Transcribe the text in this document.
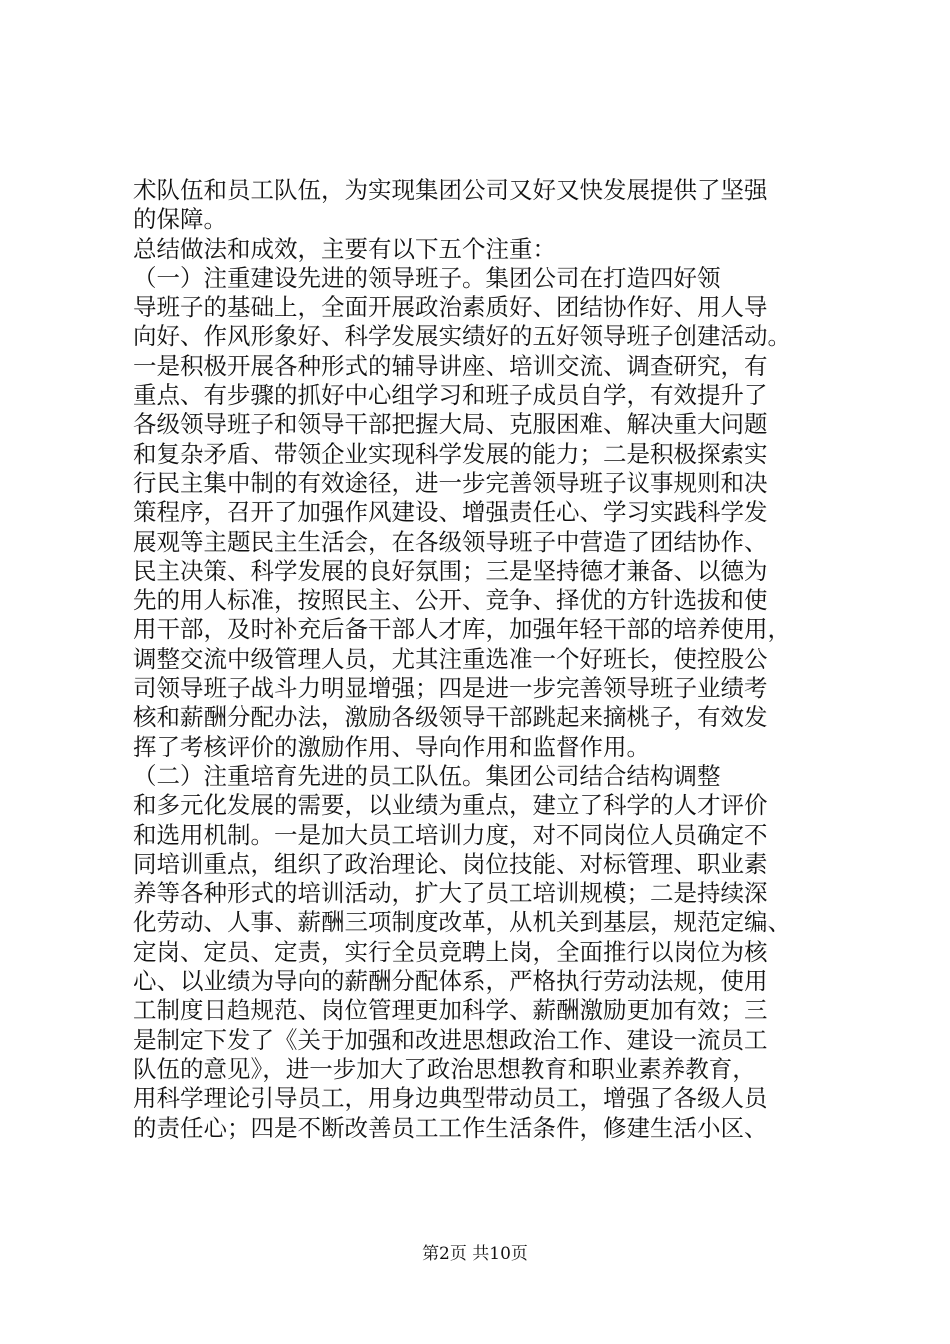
术队伍和员工队伍，为实现集团公司又好又快发展提供了坚强
的保障。
总结做法和成效，主要有以下五个注重：
（一）注重建设先进的领导班子。集团公司在打造四好领
导班子的基础上，全面开展政治素质好、团结协作好、用人导
向好、作风形象好、科学发展实绩好的五好领导班子创建活动。
一是积极开展各种形式的辅导讲座、培训交流、调查研究，有
重点、有步骤的抓好中心组学习和班子成员自学，有效提升了
各级领导班子和领导干部把握大局、克服困难、解决重大问题
和复杂矛盾、带领企业实现科学发展的能力；二是积极探索实
行民主集中制的有效途径，进一步完善领导班子议事规则和决
策程序，召开了加强作风建设、增强责任心、学习实践科学发
展观等主题民主生活会，在各级领导班子中营造了团结协作、
民主决策、科学发展的良好氛围；三是坚持德才兼备、以德为
先的用人标准，按照民主、公开、竞争、择优的方针选拔和使
用干部，及时补充后备干部人才库，加强年轻干部的培养使用，
调整交流中级管理人员，尤其注重选准一个好班长，使控股公
司领导班子战斗力明显增强；四是进一步完善领导班子业绩考
核和薪酬分配办法，激励各级领导干部跳起来摘桃子，有效发
挥了考核评价的激励作用、导向作用和监督作用。
（二）注重培育先进的员工队伍。集团公司结合结构调整
和多元化发展的需要，以业绩为重点，建立了科学的人才评价
和选用机制。一是加大员工培训力度，对不同岗位人员确定不
同培训重点，组织了政治理论、岗位技能、对标管理、职业素
养等各种形式的培训活动，扩大了员工培训规模；二是持续深
化劳动、人事、薪酬三项制度改革，从机关到基层，规范定编、
定岗、定员、定责，实行全员竞聘上岗，全面推行以岗位为核
心、以业绩为导向的薪酬分配体系，严格执行劳动法规，使用
工制度日趋规范、岗位管理更加科学、薪酬激励更加有效；三
是制定下发了《关于加强和改进思想政治工作、建设一流员工
队伍的意见》，进一步加大了政治思想教育和职业素养教育，
用科学理论引导员工，用身边典型带动员工，增强了各级人员
的责任心；四是不断改善员工工作生活条件，修建生活小区、
第2页 共10页
